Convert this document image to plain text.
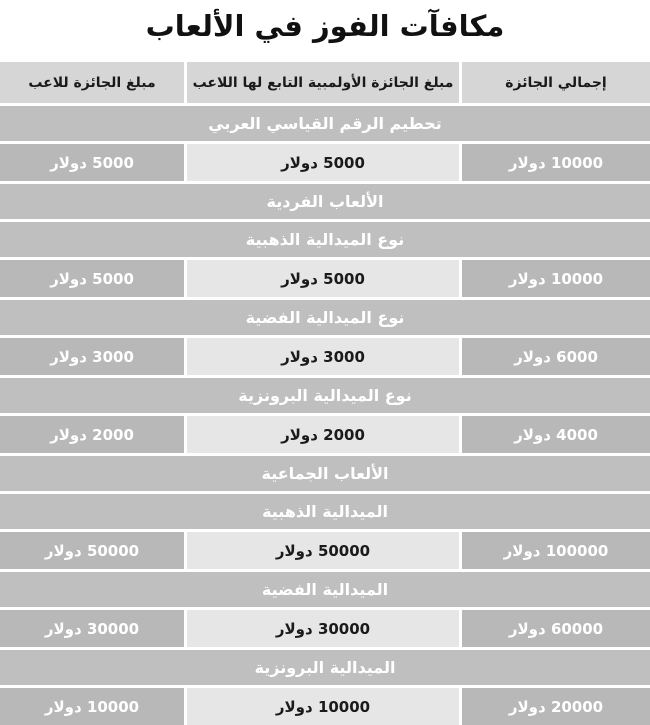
مكافآت الفوز في الألعاب
إجمالي الجائزة
مبلغ الجائزة الأولمبية التابع لها اللاعب
مبلغ الجائزة للاعب
تحطيم الرقم القياسي العربي
10000 دولار
5000 دولار
5000 دولار
الألعاب الفردية
نوع الميدالية الذهبية
10000 دولار
5000 دولار
5000 دولار
نوع الميدالية الفضية
6000 دولار
3000 دولار
3000 دولار
نوع الميدالية البرونزية
4000 دولار
2000 دولار
2000 دولار
الألعاب الجماعية
الميدالية الذهبية
100000 دولار
50000 دولار
50000 دولار
الميدالية الفضية
60000 دولار
30000 دولار
30000 دولار
الميدالية البرونزية
20000 دولار
10000 دولار
10000 دولار
